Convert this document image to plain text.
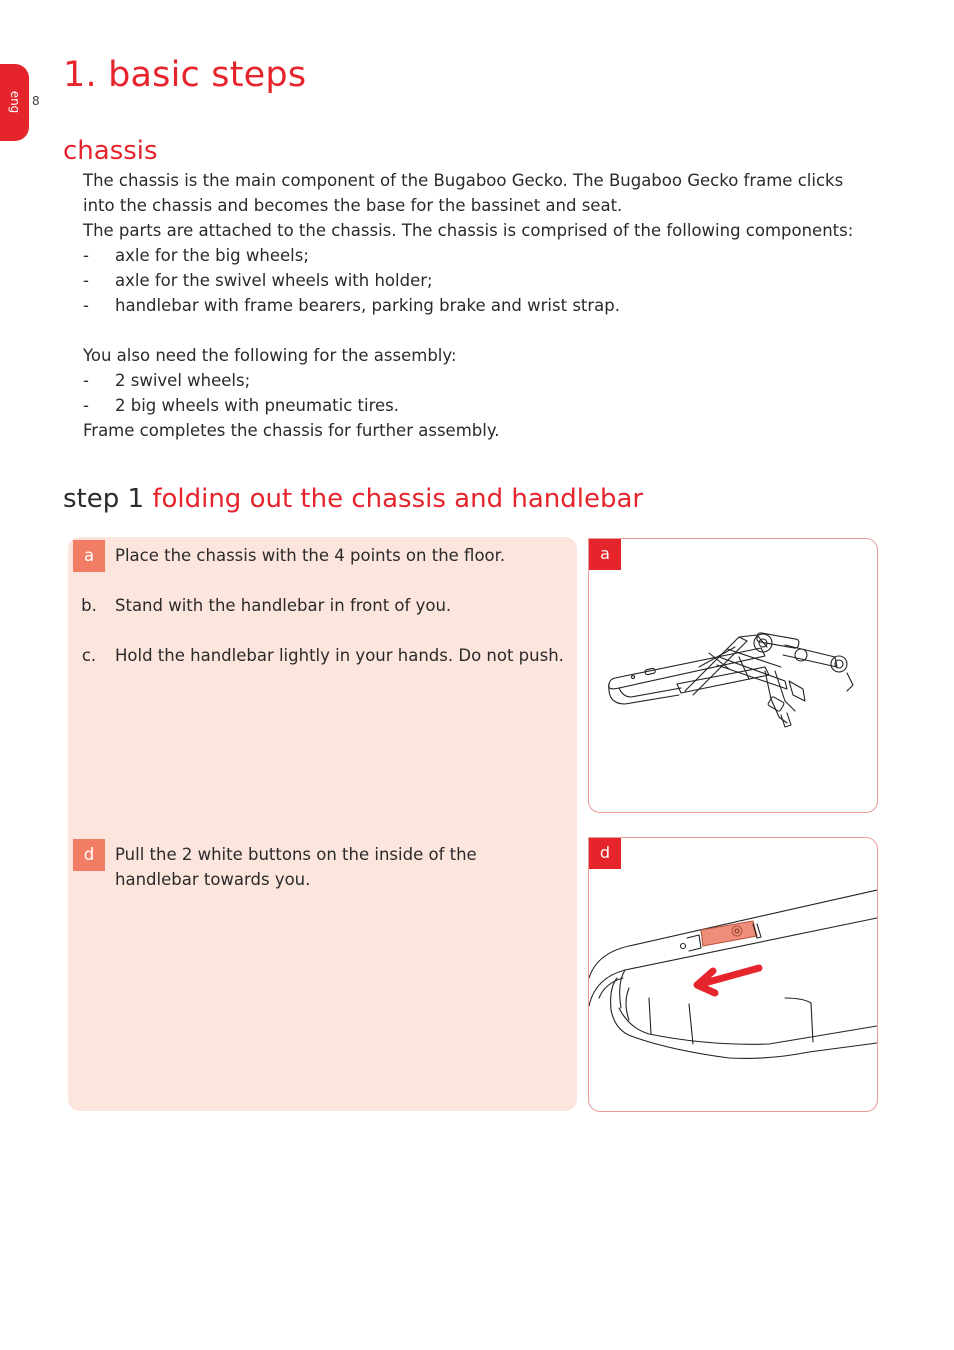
eng 8
1. basic steps
chassis

The chassis is the main component of the Bugaboo Gecko. The Bugaboo Gecko frame clicks into the chassis and becomes the base for the bassinet and seat.

The parts are attached to the chassis. The chassis is comprised of the following components:

-	axle for the big wheels;
-	axle for the swivel wheels with holder;
-	handlebar with frame bearers, parking brake and wrist strap.

You also need the following for the assembly:

-	2 swivel wheels;
-	2 big wheels with pneumatic tires.

Frame completes the chassis for further assembly.

step 1 folding out the chassis and handlebar
a	Place the chassis with the 4 points on the floor.
b.	Stand with the handlebar in front of you.
c.	Hold the handlebar lightly in your hands. Do not push.
d	Pull the 2 white buttons on the inside of the handlebar towards you.
a
d
